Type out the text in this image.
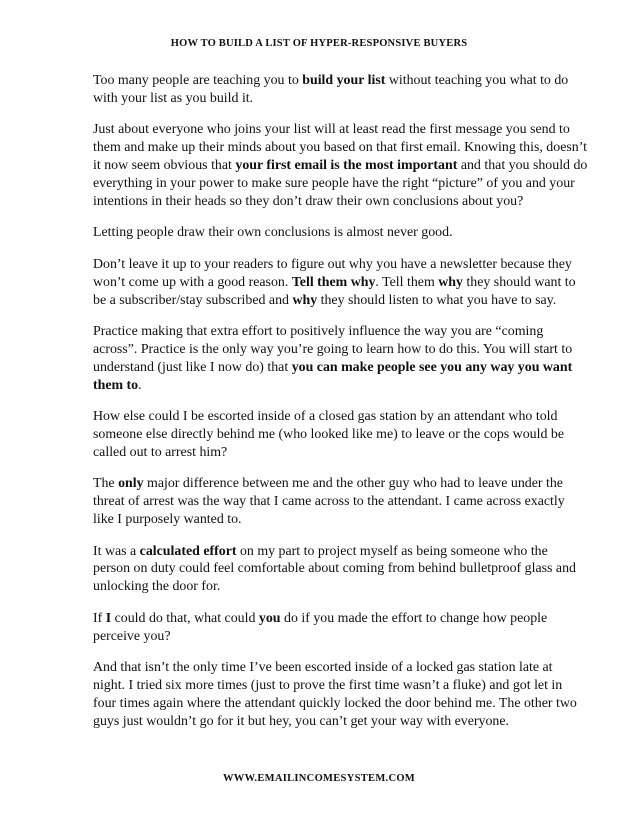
HOW TO BUILD A LIST OF HYPER-RESPONSIVE BUYERS

Too many people are teaching you to build your list without teaching you what to do with your list as you build it.

Just about everyone who joins your list will at least read the first message you send to them and make up their minds about you based on that first email. Knowing this, doesn’t it now seem obvious that your first email is the most important and that you should do everything in your power to make sure people have the right “picture” of you and your intentions in their heads so they don’t draw their own conclusions about you?

Letting people draw their own conclusions is almost never good.

Don’t leave it up to your readers to figure out why you have a newsletter because they won’t come up with a good reason. Tell them why. Tell them why they should want to be a subscriber/stay subscribed and why they should listen to what you have to say.

Practice making that extra effort to positively influence the way you are “coming across”. Practice is the only way you’re going to learn how to do this. You will start to understand (just like I now do) that you can make people see you any way you want them to.

How else could I be escorted inside of a closed gas station by an attendant who told someone else directly behind me (who looked like me) to leave or the cops would be called out to arrest him?

The only major difference between me and the other guy who had to leave under the threat of arrest was the way that I came across to the attendant. I came across exactly like I purposely wanted to.

It was a calculated effort on my part to project myself as being someone who the person on duty could feel comfortable about coming from behind bulletproof glass and unlocking the door for.

If I could do that, what could you do if you made the effort to change how people perceive you?

And that isn’t the only time I’ve been escorted inside of a locked gas station late at night. I tried six more times (just to prove the first time wasn’t a fluke) and got let in four times again where the attendant quickly locked the door behind me. The other two guys just wouldn’t go for it but hey, you can’t get your way with everyone.

WWW.EMAILINCOMESYSTEM.COM
